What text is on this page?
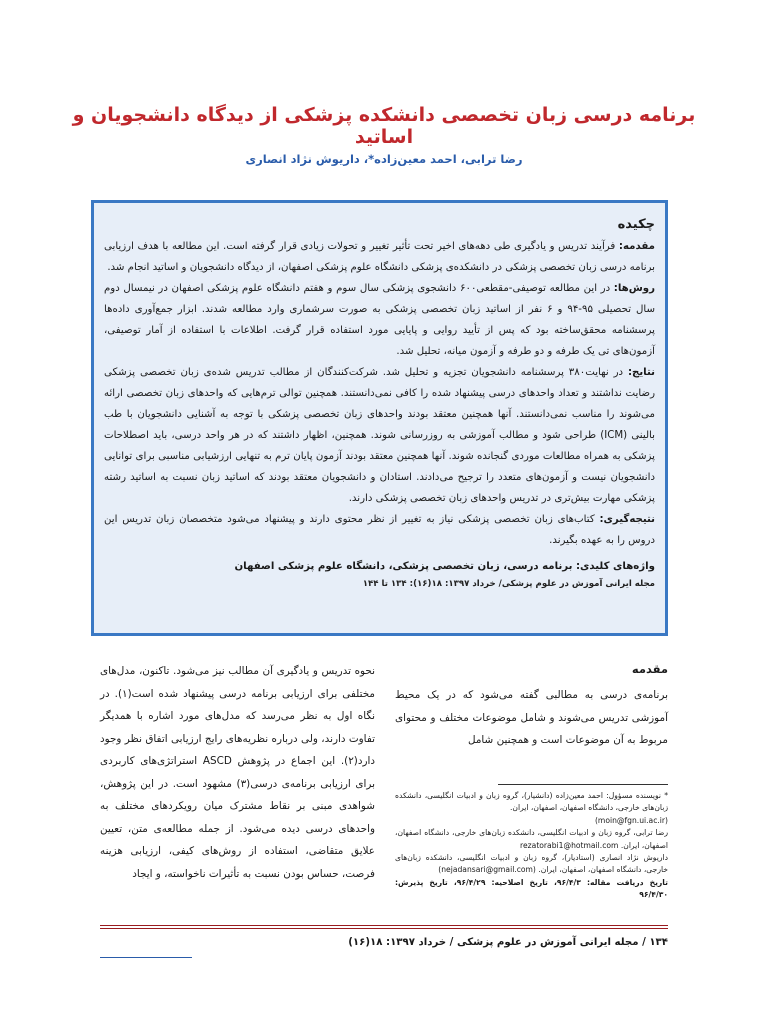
برنامه درسی زبان تخصصی دانشکده پزشکی از دیدگاه دانشجویان و اساتید
رضا ترابی، احمد معین‌زاده*، داریوش نژاد انصاری
چکیده

مقدمه: فرآیند تدریس و یادگیری طی دهه‌های اخیر تحت تأثیر تغییر و تحولات زیادی قرار گرفته است. این مطالعه با هدف ارزیابی برنامه درسی زبان تخصصی پزشکی در دانشکده‌ی پزشکی دانشگاه علوم پزشکی اصفهان، از دیدگاه دانشجویان و اساتید انجام شد.

روش‌ها: در این مطالعه توصیفی-مقطعی۶۰۰ دانشجوی پزشکی سال سوم و هفتم دانشگاه علوم پزشکی اصفهان در نیمسال دوم سال تحصیلی ۹۵-۹۴ و ۶ نفر از اساتید زبان تخصصی پزشکی به صورت سرشماری وارد مطالعه شدند. ابزار جمع‌آوری داده‌ها پرسشنامه محقق‌ساخته بود که پس از تأیید روایی و پایایی مورد استفاده قرار گرفت. اطلاعات با استفاده از آمار توصیفی، آزمون‌های تی یک طرفه و دو طرفه و آزمون میانه، تحلیل شد.

نتایج: در نهایت۳۸۰ پرسشنامه دانشجویان تجزیه و تحلیل شد. شرکت‌کنندگان از مطالب تدریس شده‌ی زبان تخصصی پزشکی رضایت نداشتند و تعداد واحدهای درسی پیشنهاد شده را کافی نمی‌دانستند. همچنین توالی ترم‌هایی که واحدهای زبان تخصصی ارائه می‌شوند را مناسب نمی‌دانستند. آنها همچنین معتقد بودند واحدهای زبان تخصصی پزشکی با توجه به آشنایی دانشجویان با طب بالینی (ICM) طراحی شود و مطالب آموزشی به روزرسانی شوند. همچنین، اظهار داشتند که در هر واحد درسی، باید اصطلاحات پزشکی به همراه مطالعات موردی گنجانده شوند. آنها همچنین معتقد بودند آزمون پایان ترم به تنهایی ارزشیابی مناسبی برای توانایی دانشجویان نیست و آزمون‌های متعدد را ترجیح می‌دادند. استادان و دانشجویان معتقد بودند که اساتید زبان نسبت به اساتید رشته پزشکی مهارت بیش‌تری در تدریس واحدهای زبان تخصصی پزشکی دارند.

نتیجه‌گیری: کتاب‌های زبان تخصصی پزشکی نیاز به تغییر از نظر محتوی دارند و پیشنهاد می‌شود متخصصان زبان تدریس این دروس را به عهده بگیرند.

واژه‌های کلیدی: برنامه درسی، زبان تخصصی پزشکی، دانشگاه علوم پزشکی اصفهان
مجله ایرانی آموزش در علوم پزشکی/ خرداد ۱۳۹۷: ۱۸(۱۶): ۱۳۴ تا ۱۴۴
مقدمه

برنامه‌ی درسی به مطالبی گفته می‌شود که در یک محیط آموزشی تدریس می‌شوند و شامل موضوعات مختلف و محتوای مربوط به آن موضوعات است و همچنین شامل

نحوه تدریس و یادگیری آن مطالب نیز می‌شود. تاکنون، مدل‌های مختلفی برای ارزیابی برنامه درسی پیشنهاد شده است(۱). در نگاه اول به نظر می‌رسد که مدل‌های مورد اشاره با همدیگر تفاوت دارند، ولی درباره نظریه‌های رایج ارزیابی اتفاق نظر وجود دارد(۲). این اجماع در پژوهش ASCD استراتژی‌های کاربردی برای ارزیابی برنامه‌ی درسی(۳) مشهود است. در این پژوهش، شواهدی مبنی بر نقاط مشترک میان رویکردهای مختلف به واحدهای درسی دیده می‌شود. از جمله مطالعه‌ی متن، تعیین علایق متقاضی، استفاده از روش‌های کیفی، ارزیابی هزینه فرصت، حساس بودن نسبت به تأثیرات ناخواسته، و ایجاد

* نویسنده مسؤول: احمد معین‌زاده (دانشیار)، گروه زبان و ادبیات انگلیسی، دانشکده زبان‌های خارجی، دانشگاه اصفهان، اصفهان، ایران.

(moin@fgn.ui.ac.ir)

رضا ترابی، گروه زبان و ادبیات انگلیسی، دانشکده زبان‌های خارجی، دانشگاه اصفهان، اصفهان، ایران. rezatorabi1@hotmail.com

داریوش نژاد انصاری (استادیار)، گروه زبان و ادبیات انگلیسی، دانشکده زبان‌های خارجی، دانشگاه اصفهان، اصفهان، ایران. (nejadansari@gmail.com)

تاریخ دریافت مقاله: ۹۶/۴/۳، تاریخ اصلاحیه: ۹۶/۴/۲۹، تاریخ پذیرش: ۹۶/۴/۳۰

۱۳۴ / مجله ایرانی آموزش در علوم پزشکی / خرداد ۱۳۹۷: ۱۸(۱۶)
